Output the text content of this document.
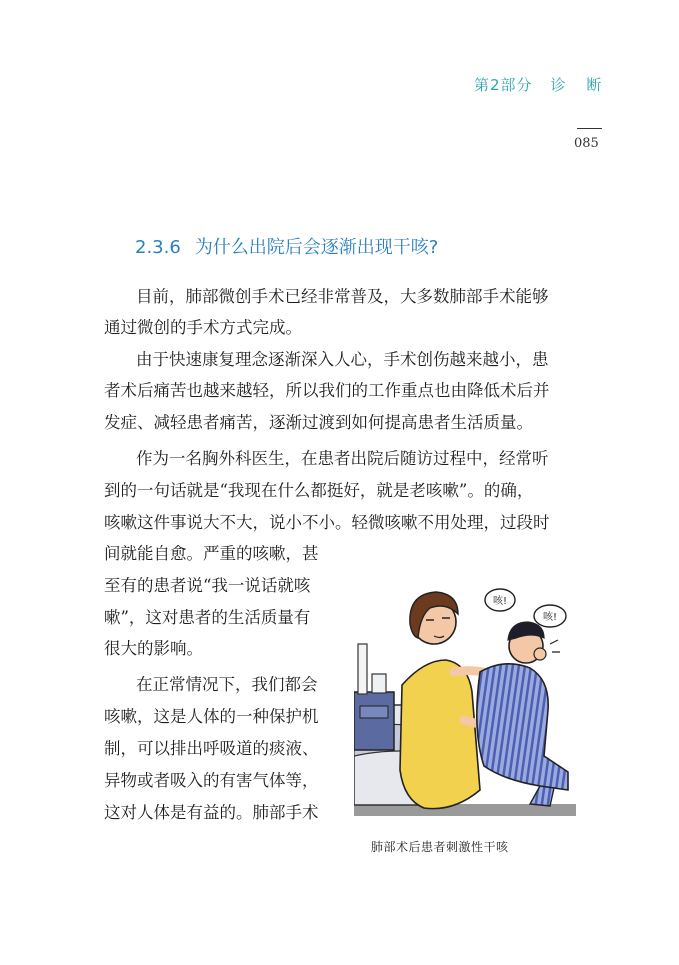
第2部分 诊 断
085
2.3.6 为什么出院后会逐渐出现干咳?
目前，肺部微创手术已经非常普及，大多数肺部手术能够
通过微创的手术方式完成。
由于快速康复理念逐渐深入人心，手术创伤越来越小，患
者术后痛苦也越来越轻，所以我们的工作重点也由降低术后并
发症、减轻患者痛苦，逐渐过渡到如何提高患者生活质量。
作为一名胸外科医生，在患者出院后随访过程中，经常听
到的一句话就是“我现在什么都挺好，就是老咳嗽”。的确，
咳嗽这件事说大不大，说小不小。轻微咳嗽不用处理，过段时
间就能自愈。严重的咳嗽，甚
至有的患者说“我一说话就咳
嗽”，这对患者的生活质量有
很大的影响。
在正常情况下，我们都会
咳嗽，这是人体的一种保护机
制，可以排出呼吸道的痰液、
异物或者吸入的有害气体等，
这对人体是有益的。肺部手术
咳!
咳!
肺部术后患者刺激性干咳
